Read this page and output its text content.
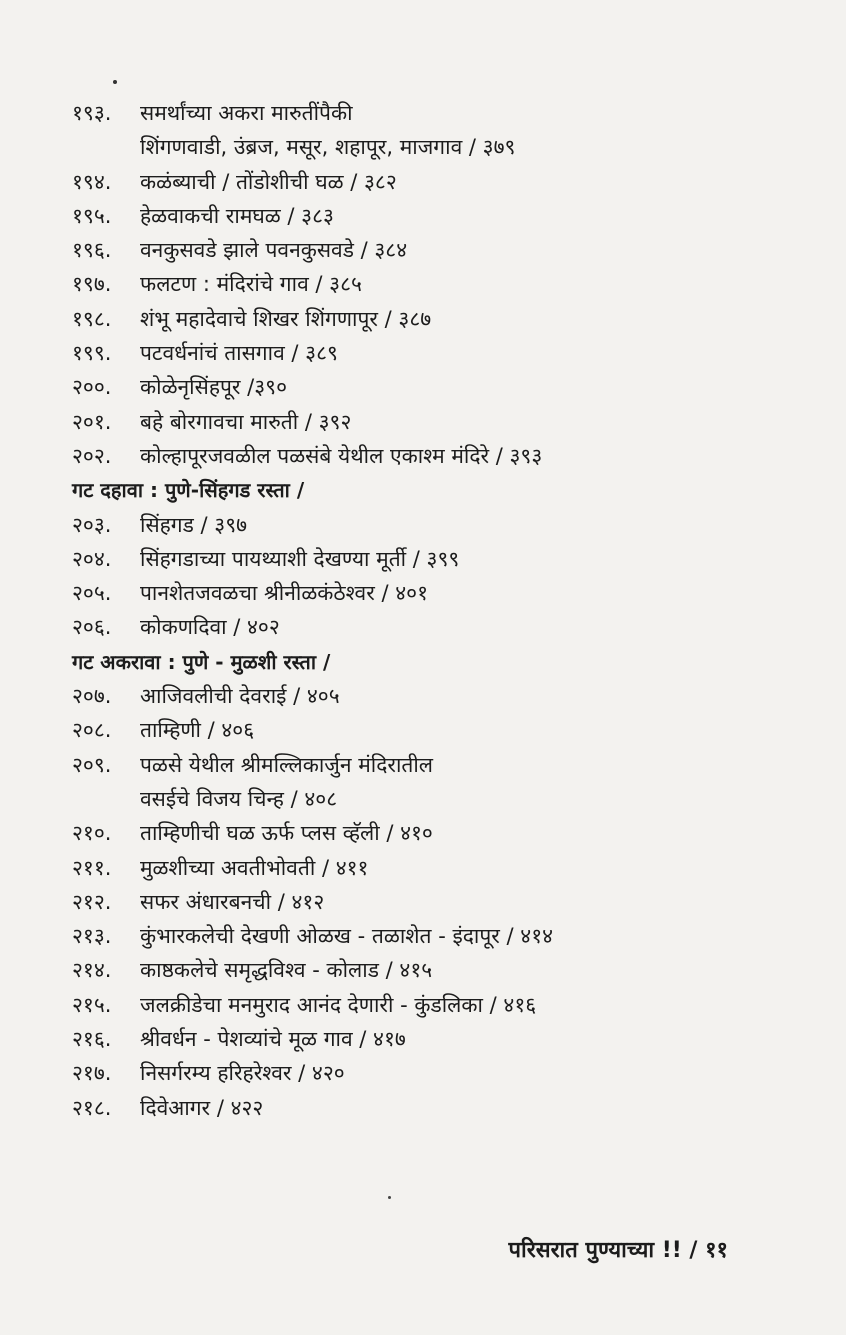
१९३. समर्थांच्या अकरा मारुतींपैकी
शिंगणवाडी, उंब्रज, मसूर, शहापूर, माजगाव / ३७९
१९४. कळंब्याची / तोंडोशीची घळ / ३८२
१९५. हेळवाकची रामघळ / ३८३
१९६. वनकुसवडे झाले पवनकुसवडे / ३८४
१९७. फलटण : मंदिरांचे गाव / ३८५
१९८. शंभू महादेवाचे शिखर शिंगणापूर / ३८७
१९९. पटवर्धनांचं तासगाव / ३८९
२००. कोळेनृसिंहपूर /३९०
२०१. बहे बोरगावचा मारुती / ३९२
२०२. कोल्हापूरजवळील पळसंबे येथील एकाश्म मंदिरे / ३९३
गट दहावा : पुणे-सिंहगड रस्ता /
२०३. सिंहगड / ३९७
२०४. सिंहगडाच्या पायथ्याशी देखण्या मूर्ती / ३९९
२०५. पानशेतजवळचा श्रीनीळकंठेश्वर / ४०१
२०६. कोकणदिवा / ४०२
गट अकरावा : पुणे - मुळशी रस्ता /
२०७. आजिवलीची देवराई / ४०५
२०८. ताम्हिणी / ४०६
२०९. पळसे येथील श्रीमल्लिकार्जुन मंदिरातील
वसईचे विजय चिन्ह / ४०८
२१०. ताम्हिणीची घळ ऊर्फ प्लस व्हॅली / ४१०
२११. मुळशीच्या अवतीभोवती / ४११
२१२. सफर अंधारबनची / ४१२
२१३. कुंभारकलेची देखणी ओळख - तळाशेत - इंदापूर / ४१४
२१४. काष्ठकलेचे समृद्धविश्व - कोलाड / ४१५
२१५. जलक्रीडेचा मनमुराद आनंद देणारी - कुंडलिका / ४१६
२१६. श्रीवर्धन - पेशव्यांचे मूळ गाव / ४१७
२१७. निसर्गरम्य हरिहरेश्वर / ४२०
२१८. दिवेआगर / ४२२
परिसरात पुण्याच्या !! / ११
